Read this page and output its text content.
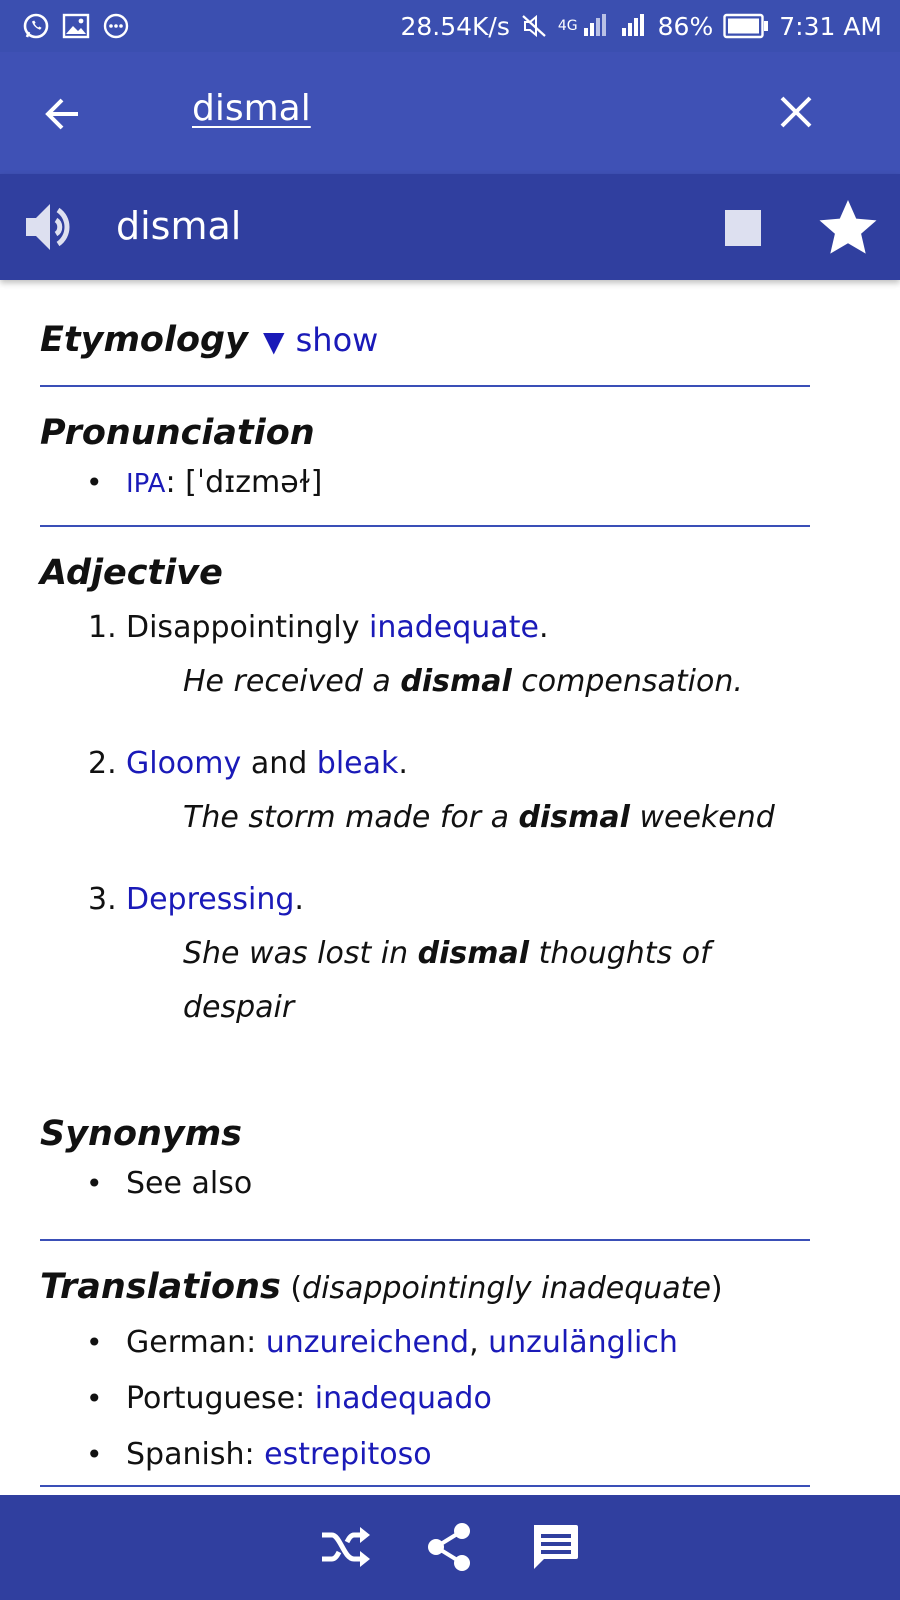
28.54K/s	4G	86%	7:31 AM
dismal
dismal
Etymology ▼ show
Pronunciation
• IPA: [ˈdɪzməɫ]
Adjective
1. Disappointingly inadequate.
He received a dismal compensation.
2. Gloomy and bleak.
The storm made for a dismal weekend
3. Depressing.
She was lost in dismal thoughts of
despair
Synonyms
• See also
Translations (disappointingly inadequate)
• German: unzureichend, unzulänglich
• Portuguese: inadequado
• Spanish: estrepitoso
